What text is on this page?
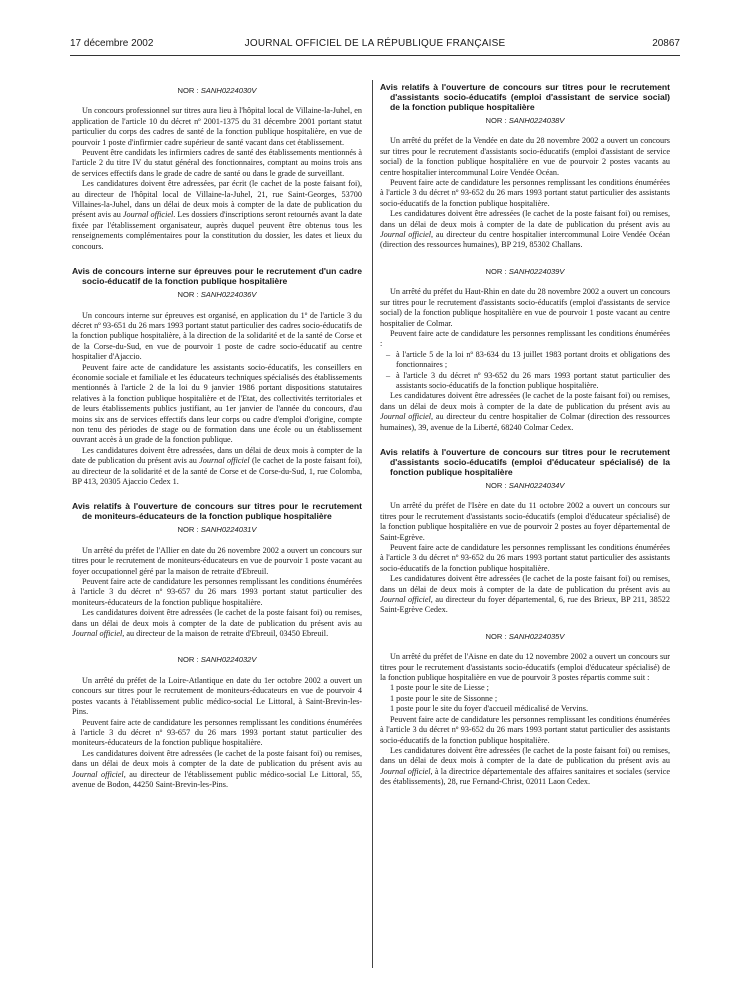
17 décembre 2002	JOURNAL OFFICIEL DE LA RÉPUBLIQUE FRANÇAISE	20867
NOR : SANH0224030V

Un concours professionnel sur titres aura lieu à l'hôpital local de Villaine-la-Juhel, en application de l'article 10 du décret nº 2001-1375 du 31 décembre 2001 portant statut particulier du corps des cadres de santé de la fonction publique hospitalière, en vue de pourvoir 1 poste d'infirmier cadre supérieur de santé vacant dans cet établissement.

Peuvent être candidats les infirmiers cadres de santé des établissements mentionnés à l'article 2 du titre IV du statut général des fonctionnaires, comptant au moins trois ans de services effectifs dans le grade de cadre de santé ou dans le grade de surveillant.

Les candidatures doivent être adressées, par écrit (le cachet de la poste faisant foi), au directeur de l'hôpital local de Villaine-la-Juhel, 21, rue Saint-Georges, 53700 Villaines-la-Juhel, dans un délai de deux mois à compter de la date de publication du présent avis au Journal officiel. Les dossiers d'inscriptions seront retournés avant la date fixée par l'établissement organisateur, auprès duquel peuvent être obtenus tous les renseignements complémentaires pour la constitution du dossier, les dates et lieux du concours.

Avis de concours interne sur épreuves pour le recrutement d'un cadre socio-éducatif de la fonction publique hospitalière
NOR : SANH0224036V

Un concours interne sur épreuves est organisé, en application du 1º de l'article 3 du décret nº 93-651 du 26 mars 1993 portant statut particulier des cadres socio-éducatifs de la fonction publique hospitalière, à la direction de la solidarité et de la santé de Corse et de la Corse-du-Sud, en vue de pourvoir 1 poste de cadre socio-éducatif au centre hospitalier d'Ajaccio.

Peuvent faire acte de candidature les assistants socio-éducatifs, les conseillers en économie sociale et familiale et les éducateurs techniques spécialisés des établissements mentionnés à l'article 2 de la loi du 9 janvier 1986 portant dispositions statutaires relatives à la fonction publique hospitalière et de l'Etat, des collectivités territoriales et de leurs établissements publics justifiant, au 1er janvier de l'année du concours, d'au moins six ans de services effectifs dans leur corps ou cadre d'emploi d'origine, compte non tenu des périodes de stage ou de formation dans une école ou un établissement ouvrant accès à un grade de la fonction publique.

Les candidatures doivent être adressées, dans un délai de deux mois à compter de la date de publication du présent avis au Journal officiel (le cachet de la poste faisant foi), au directeur de la solidarité et de la santé de Corse et de Corse-du-Sud, 1, rue Colomba, BP 413, 20305 Ajaccio Cedex 1.

Avis relatifs à l'ouverture de concours sur titres pour le recrutement de moniteurs-éducateurs de la fonction publique hospitalière
NOR : SANH0224031V

Un arrêté du préfet de l'Allier en date du 26 novembre 2002 a ouvert un concours sur titres pour le recrutement de moniteurs-éducateurs en vue de pourvoir 1 poste vacant au foyer occupationnel géré par la maison de retraite d'Ebreuil.

Peuvent faire acte de candidature les personnes remplissant les conditions énumérées à l'article 3 du décret nº 93-657 du 26 mars 1993 portant statut particulier des moniteurs-éducateurs de la fonction publique hospitalière.

Les candidatures doivent être adressées (le cachet de la poste faisant foi) ou remises, dans un délai de deux mois à compter de la date de publication du présent avis au Journal officiel, au directeur de la maison de retraite d'Ebreuil, 03450 Ebreuil.

NOR : SANH0224032V

Un arrêté du préfet de la Loire-Atlantique en date du 1er octobre 2002 a ouvert un concours sur titres pour le recrutement de moniteurs-éducateurs en vue de pourvoir 4 postes vacants à l'établissement public médico-social Le Littoral, à Saint-Brevin-les-Pins.

Peuvent faire acte de candidature les personnes remplissant les conditions énumérées à l'article 3 du décret nº 93-657 du 26 mars 1993 portant statut particulier des moniteurs-éducateurs de la fonction publique hospitalière.

Les candidatures doivent être adressées (le cachet de la poste faisant foi) ou remises, dans un délai de deux mois à compter de la date de publication du présent avis au Journal officiel, au directeur de l'établissement public médico-social Le Littoral, 55, avenue de Bodon, 44250 Saint-Brevin-les-Pins.

Avis relatifs à l'ouverture de concours sur titres pour le recrutement d'assistants socio-éducatifs (emploi d'assistant de service social) de la fonction publique hospitalière
NOR : SANH0224038V

Un arrêté du préfet de la Vendée en date du 28 novembre 2002 a ouvert un concours sur titres pour le recrutement d'assistants socio-éducatifs (emploi d'assistant de service social) de la fonction publique hospitalière en vue de pourvoir 2 postes vacants au centre hospitalier intercommunal Loire Vendée Océan.

Peuvent faire acte de candidature les personnes remplissant les conditions énumérées à l'article 3 du décret nº 93-652 du 26 mars 1993 portant statut particulier des assistants socio-éducatifs de la fonction publique hospitalière.

Les candidatures doivent être adressées (le cachet de la poste faisant foi) ou remises, dans un délai de deux mois à compter de la date de publication du présent avis au Journal officiel, au directeur du centre hospitalier intercommunal Loire Vendée Océan (direction des ressources humaines), BP 219, 85302 Challans.

NOR : SANH0224039V

Un arrêté du préfet du Haut-Rhin en date du 28 novembre 2002 a ouvert un concours sur titres pour le recrutement d'assistants socio-éducatifs (emploi d'assistants de service social) de la fonction publique hospitalière en vue de pourvoir 1 poste vacant au centre hospitalier de Colmar.

Peuvent faire acte de candidature les personnes remplissant les conditions énumérées :

– à l'article 5 de la loi nº 83-634 du 13 juillet 1983 portant droits et obligations des fonctionnaires ;

– à l'article 3 du décret nº 93-652 du 26 mars 1993 portant statut particulier des assistants socio-éducatifs de la fonction publique hospitalière.

Les candidatures doivent être adressées (le cachet de la poste faisant foi) ou remises, dans un délai de deux mois à compter de la date de publication du présent avis au Journal officiel, au directeur du centre hospitalier de Colmar (direction des ressources humaines), 39, avenue de la Liberté, 68240 Colmar Cedex.

Avis relatifs à l'ouverture de concours sur titres pour le recrutement d'assistants socio-éducatifs (emploi d'éducateur spécialisé) de la fonction publique hospitalière
NOR : SANH0224034V

Un arrêté du préfet de l'Isère en date du 11 octobre 2002 a ouvert un concours sur titres pour le recrutement d'assistants socio-éducatifs (emploi d'éducateur spécialisé) de la fonction publique hospitalière en vue de pourvoir 2 postes au foyer départemental de Saint-Egrève.

Peuvent faire acte de candidature les personnes remplissant les conditions énumérées à l'article 3 du décret nº 93-652 du 26 mars 1993 portant statut particulier des assistants socio-éducatifs de la fonction publique hospitalière.

Les candidatures doivent être adressées (le cachet de la poste faisant foi) ou remises, dans un délai de deux mois à compter de la date de publication du présent avis au Journal officiel, au directeur du foyer départemental, 6, rue des Brieux, BP 211, 38522 Saint-Egrève Cedex.

NOR : SANH0224035V

Un arrêté du préfet de l'Aisne en date du 12 novembre 2002 a ouvert un concours sur titres pour le recrutement d'assistants socio-éducatifs (emploi d'éducateur spécialisé) de la fonction publique hospitalière en vue de pourvoir 3 postes répartis comme suit :

1 poste pour le site de Liesse ;

1 poste pour le site de Sissonne ;

1 poste pour le site du foyer d'accueil médicalisé de Vervins.

Peuvent faire acte de candidature les personnes remplissant les conditions énumérées à l'article 3 du décret nº 93-652 du 26 mars 1993 portant statut particulier des assistants socio-éducatifs de la fonction publique hospitalière.

Les candidatures doivent être adressées (le cachet de la poste faisant foi) ou remises, dans un délai de deux mois à compter de la date de publication du présent avis au Journal officiel, à la directrice départementale des affaires sanitaires et sociales (service des établissements), 28, rue Fernand-Christ, 02011 Laon Cedex.
